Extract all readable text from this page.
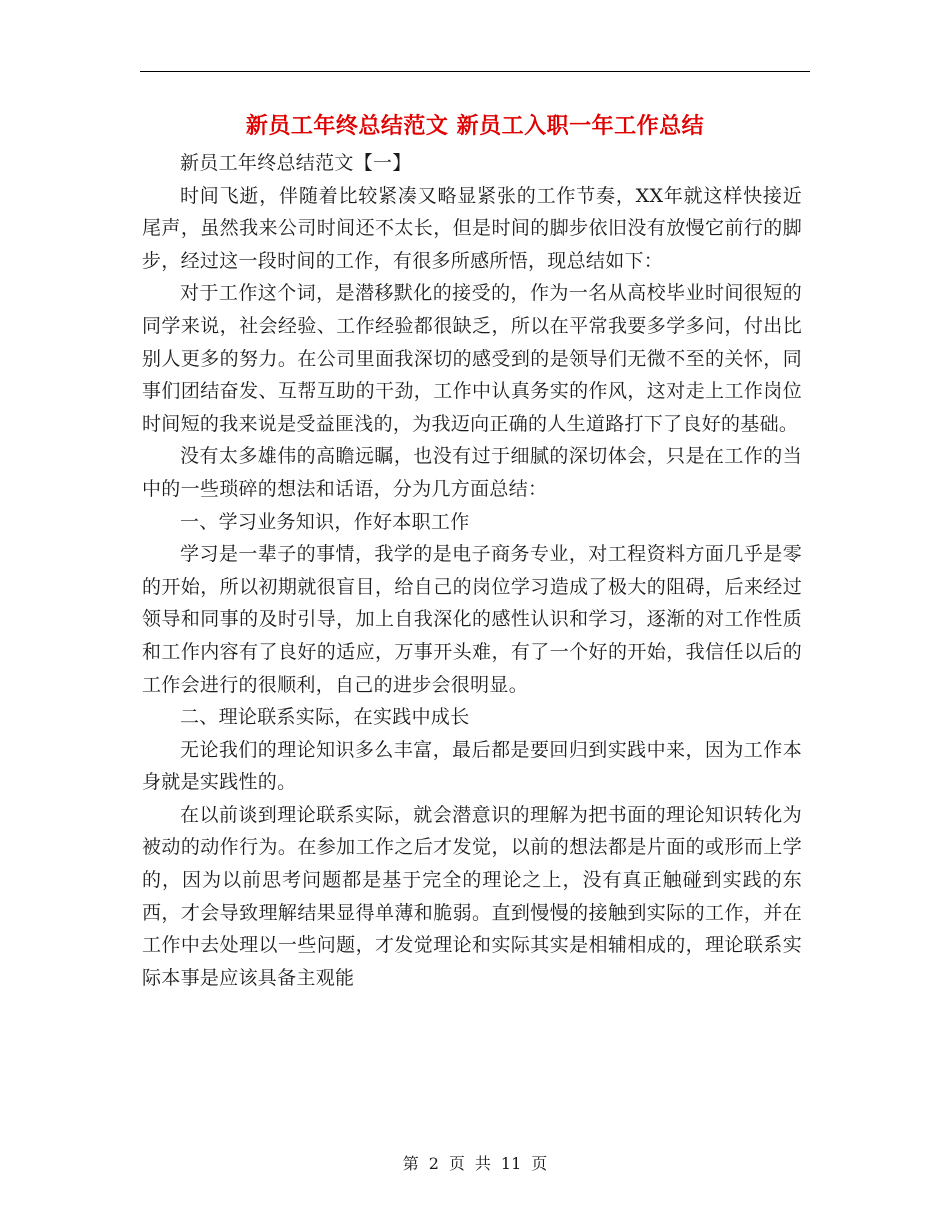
新员工年终总结范文 新员工入职一年工作总结

新员工年终总结范文【一】

时间飞逝，伴随着比较紧凑又略显紧张的工作节奏，XX年就这样快接近尾声，虽然我来公司时间还不太长，但是时间的脚步依旧没有放慢它前行的脚步，经过这一段时间的工作，有很多所感所悟，现总结如下：

对于工作这个词，是潜移默化的接受的，作为一名从高校毕业时间很短的同学来说，社会经验、工作经验都很缺乏，所以在平常我要多学多问，付出比别人更多的努力。在公司里面我深切的感受到的是领导们无微不至的关怀，同事们团结奋发、互帮互助的干劲，工作中认真务实的作风，这对走上工作岗位时间短的我来说是受益匪浅的，为我迈向正确的人生道路打下了良好的基础。

没有太多雄伟的高瞻远瞩，也没有过于细腻的深切体会，只是在工作的当中的一些琐碎的想法和话语，分为几方面总结：

一、学习业务知识，作好本职工作

学习是一辈子的事情，我学的是电子商务专业，对工程资料方面几乎是零的开始，所以初期就很盲目，给自己的岗位学习造成了极大的阻碍，后来经过领导和同事的及时引导，加上自我深化的感性认识和学习，逐渐的对工作性质和工作内容有了良好的适应，万事开头难，有了一个好的开始，我信任以后的工作会进行的很顺利，自己的进步会很明显。

二、理论联系实际，在实践中成长

无论我们的理论知识多么丰富，最后都是要回归到实践中来，因为工作本身就是实践性的。

在以前谈到理论联系实际，就会潜意识的理解为把书面的理论知识转化为被动的动作行为。在参加工作之后才发觉，以前的想法都是片面的或形而上学的，因为以前思考问题都是基于完全的理论之上，没有真正触碰到实践的东西，才会导致理解结果显得单薄和脆弱。直到慢慢的接触到实际的工作，并在工作中去处理以一些问题，才发觉理论和实际其实是相辅相成的，理论联系实际本事是应该具备主观能

第 2 页 共 11 页
